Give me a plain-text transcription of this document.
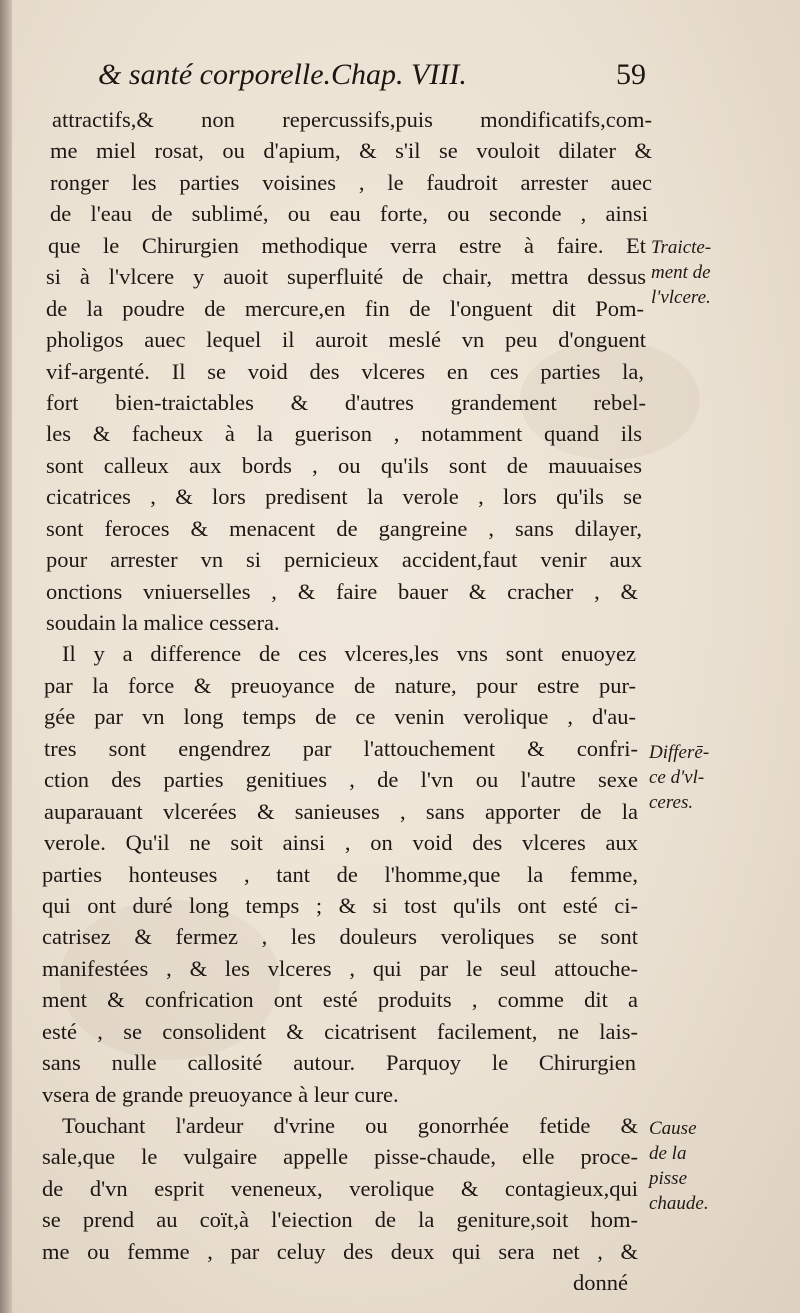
& santé corporelle.Chap. VIII.	59
attractifs,& non repercussifs,puis mondificatifs,com-
me miel rosat, ou d'apium, & s'il se vouloit dilater &
ronger les parties voisines , le faudroit arrester auec
de l'eau de sublimé, ou eau forte, ou seconde , ainsi
que le Chirurgien methodique verra estre à faire. Et
si à l'vlcere y auoit superfluité de chair, mettra dessus
de la poudre de mercure,en fin de l'onguent dit Pom-
pholigos auec lequel il auroit meslé vn peu d'onguent
vif-argenté. Il se void des vlceres en ces parties la,
fort bien-traictables & d'autres grandement rebel-
les & facheux à la guerison , notamment quand ils
sont calleux aux bords , ou qu'ils sont de mauuaises
cicatrices , & lors predisent la verole , lors qu'ils se
sont feroces & menacent de gangreine , sans dilayer,
pour arrester vn si pernicieux accident,faut venir aux
onctions vniuerselles , & faire bauer & cracher , &
soudain la malice cessera.
Il y a difference de ces vlceres,les vns sont enuoyez
par la force & preuoyance de nature, pour estre pur-
gée par vn long temps de ce venin verolique , d'au-
tres sont engendrez par l'attouchement & confri-
ction des parties genitiues , de l'vn ou l'autre sexe
auparauant vlcerées & sanieuses , sans apporter de la
verole. Qu'il ne soit ainsi , on void des vlceres aux
parties honteuses , tant de l'homme,que la femme,
qui ont duré long temps ; & si tost qu'ils ont esté ci-
catrisez & fermez , les douleurs veroliques se sont
manifestées , & les vlceres , qui par le seul attouche-
ment & confrication ont esté produits , comme dit a
esté , se consolident & cicatrisent facilement, ne lais-
sans nulle callosité autour. Parquoy le Chirurgien
vsera de grande preuoyance à leur cure.
Touchant l'ardeur d'vrine ou gonorrhée fetide &
sale,que le vulgaire appelle pisse-chaude, elle proce-
de d'vn esprit veneneux, verolique & contagieux,qui
se prend au coït,à l'eiection de la geniture,soit hom-
me ou femme , par celuy des deux qui sera net , &
donné
Traicte-
ment de
l'vlcere.
Differē-
ce d'vl-
ceres.
Cause
de la
pisse
chaude.
